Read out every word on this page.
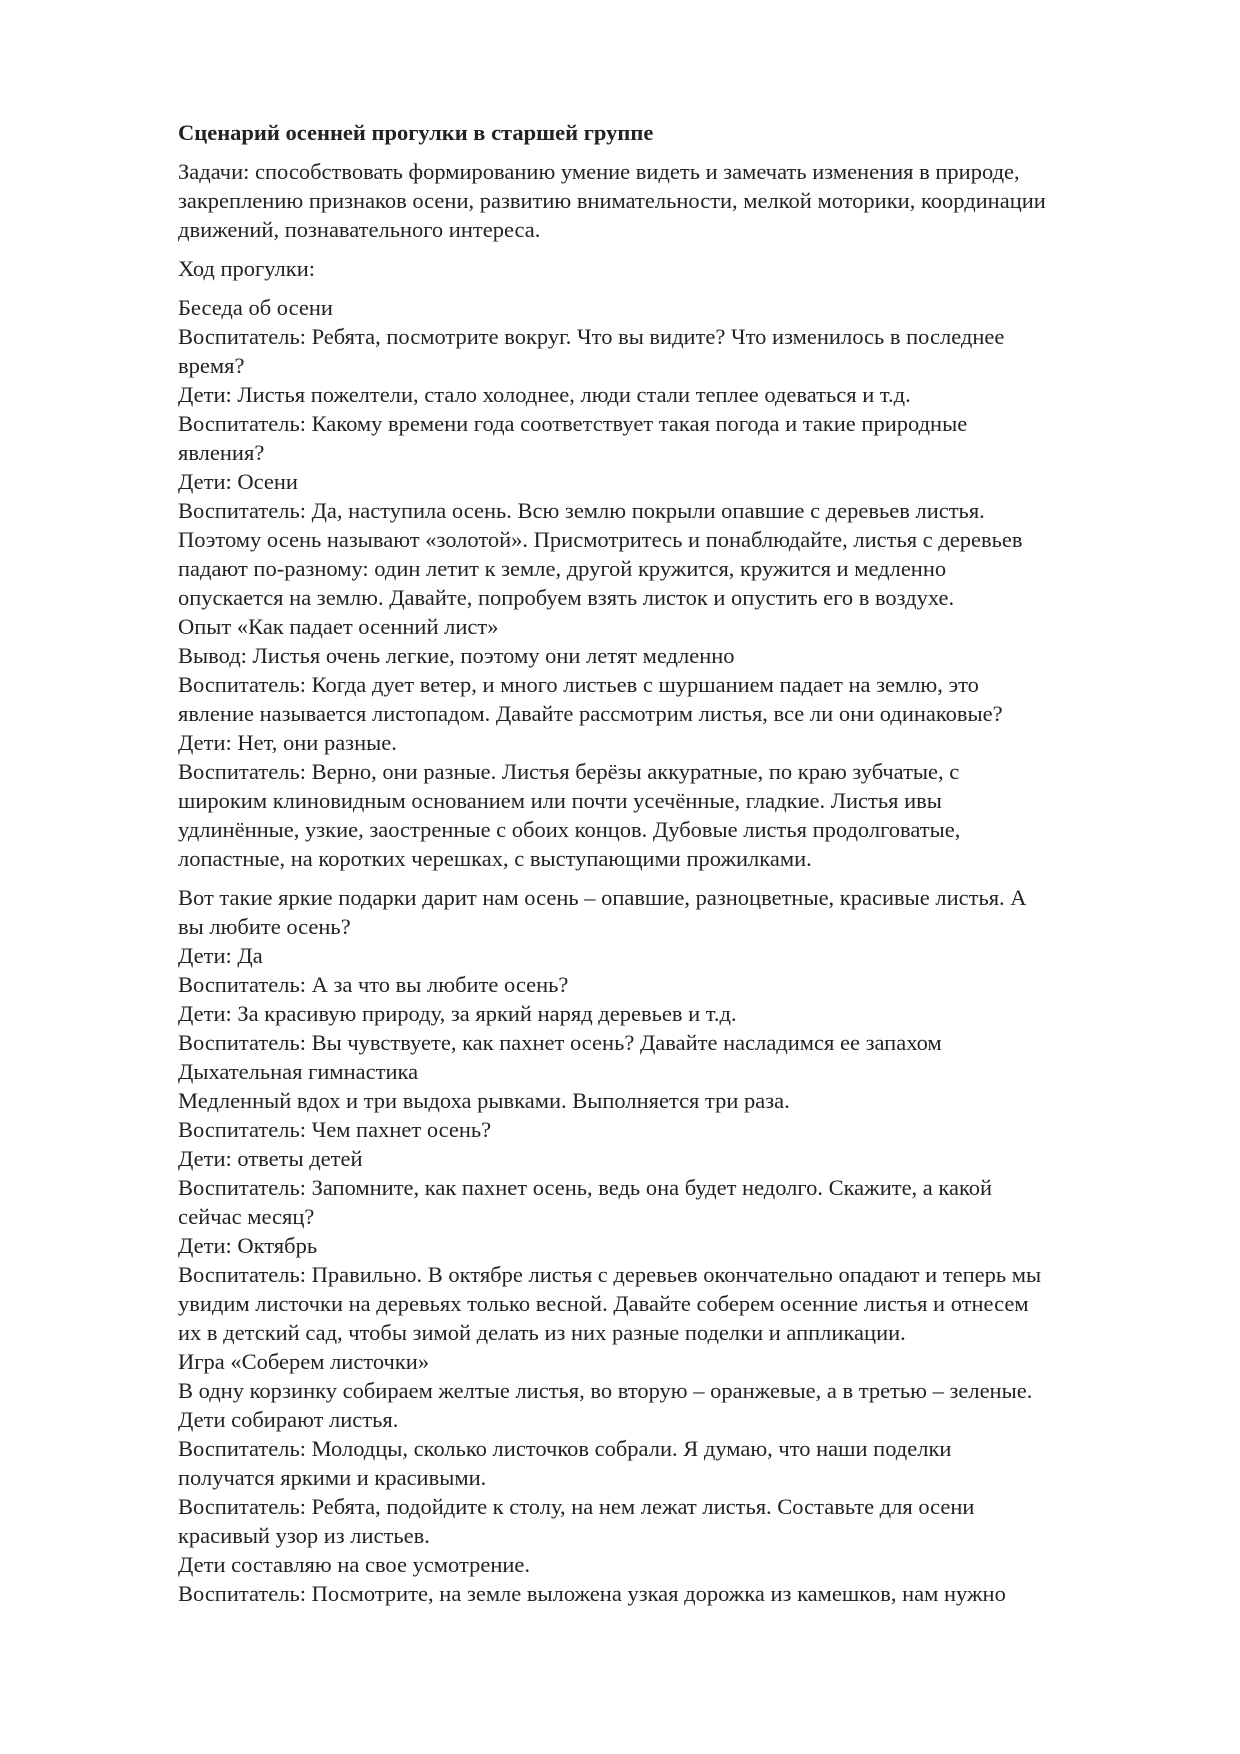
Сценарий осенней прогулки в старшей группе
Задачи: способствовать формированию умение видеть и замечать изменения в природе,
закреплению признаков осени, развитию внимательности, мелкой моторики, координации
движений, познавательного интереса.
Ход прогулки:
Беседа об осени
Воспитатель: Ребята, посмотрите вокруг. Что вы видите? Что изменилось в последнее
время?
Дети: Листья пожелтели, стало холоднее, люди стали теплее одеваться и т.д.
Воспитатель: Какому времени года соответствует такая погода и такие природные
явления?
Дети: Осени
Воспитатель: Да, наступила осень. Всю землю покрыли опавшие с деревьев листья.
Поэтому осень называют «золотой». Присмотритесь и понаблюдайте, листья с деревьев
падают по-разному: один летит к земле, другой кружится, кружится и медленно
опускается на землю. Давайте, попробуем взять листок и опустить его в воздухе.
Опыт «Как падает осенний лист»
Вывод: Листья очень легкие, поэтому они летят медленно
Воспитатель: Когда дует ветер, и много листьев с шуршанием падает на землю, это
явление называется листопадом. Давайте рассмотрим листья, все ли они одинаковые?
Дети: Нет, они разные.
Воспитатель: Верно, они разные. Листья берёзы аккуратные, по краю зубчатые, с
широким клиновидным основанием или почти усечённые, гладкие. Листья ивы
удлинённые, узкие, заостренные с обоих концов. Дубовые листья продолговатые,
лопастные, на коротких черешках, с выступающими прожилками.
Вот такие яркие подарки дарит нам осень – опавшие, разноцветные, красивые листья. А
вы любите осень?
Дети: Да
Воспитатель: А за что вы любите осень?
Дети: За красивую природу, за яркий наряд деревьев и т.д.
Воспитатель: Вы чувствуете, как пахнет осень? Давайте насладимся ее запахом
Дыхательная гимнастика
Медленный вдох и три выдоха рывками. Выполняется три раза.
Воспитатель: Чем пахнет осень?
Дети: ответы детей
Воспитатель: Запомните, как пахнет осень, ведь она будет недолго. Скажите, а какой
сейчас месяц?
Дети: Октябрь
Воспитатель: Правильно. В октябре листья с деревьев окончательно опадают и теперь мы
увидим листочки на деревьях только весной. Давайте соберем осенние листья и отнесем
их в детский сад, чтобы зимой делать из них разные поделки и аппликации.
Игра «Соберем листочки»
В одну корзинку собираем желтые листья, во вторую – оранжевые, а в третью – зеленые.
Дети собирают листья.
Воспитатель: Молодцы, сколько листочков собрали. Я думаю, что наши поделки
получатся яркими и красивыми.
Воспитатель: Ребята, подойдите к столу, на нем лежат листья. Составьте для осени
красивый узор из листьев.
Дети составляю на свое усмотрение.
Воспитатель: Посмотрите, на земле выложена узкая дорожка из камешков, нам нужно
